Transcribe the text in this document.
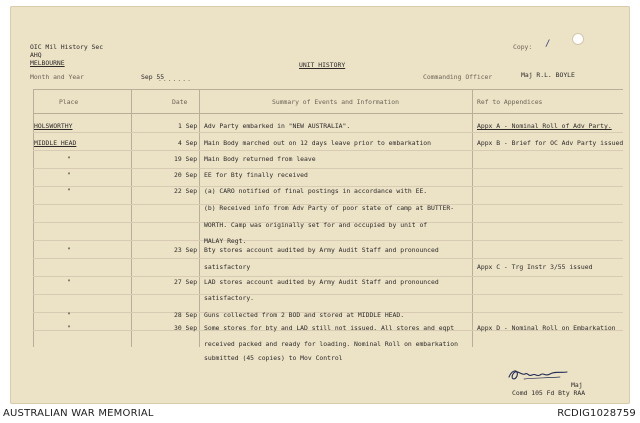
OIC Mil History Sec
AHQ
MELBOURNE
Copy: /
Month and Year	Sep 55
.......
UNIT HISTORY
Commanding Officer	Maj R.L. BOYLE
Place	Date	Summary of Events and Information	Ref to Appendices
HOLSWORTHY	1 Sep Adv Party embarked in "NEW AUSTRALIA".	Appx A - Nominal Roll of Adv Party.
MIDDLE HEAD	4 Sep Main Body marched out on 12 days leave prior to embarkation	Appx B - Brief for OC Adv Party issued
"	19 Sep Main Body returned from leave
"	20 Sep EE for Bty finally received
"	22 Sep (a) CARO notified of final postings in accordance with EE.
(b) Received info from Adv Party of poor state of camp at BUTTER-
WORTH. Camp was originally set for and occupied by unit of
MALAY Regt.
"	23 Sep Bty stores account audited by Army Audit Staff and pronounced
satisfactory	Appx C - Trg Instr 3/55 issued
"	27 Sep LAD stores account audited by Army Audit Staff and pronounced
satisfactory.
"	28 Sep Guns collected from 2 BOD and stored at MIDDLE HEAD.
"	30 Sep Some stores for bty and LAD still not issued. All stores and eqpt	Appx D - Nominal Roll on Embarkation
received packed and ready for loading. Nominal Roll on embarkation
submitted (45 copies) to Mov Control
Maj
Comd 105 Fd Bty RAA
AUSTRALIAN WAR MEMORIAL	RCDIG1028759
